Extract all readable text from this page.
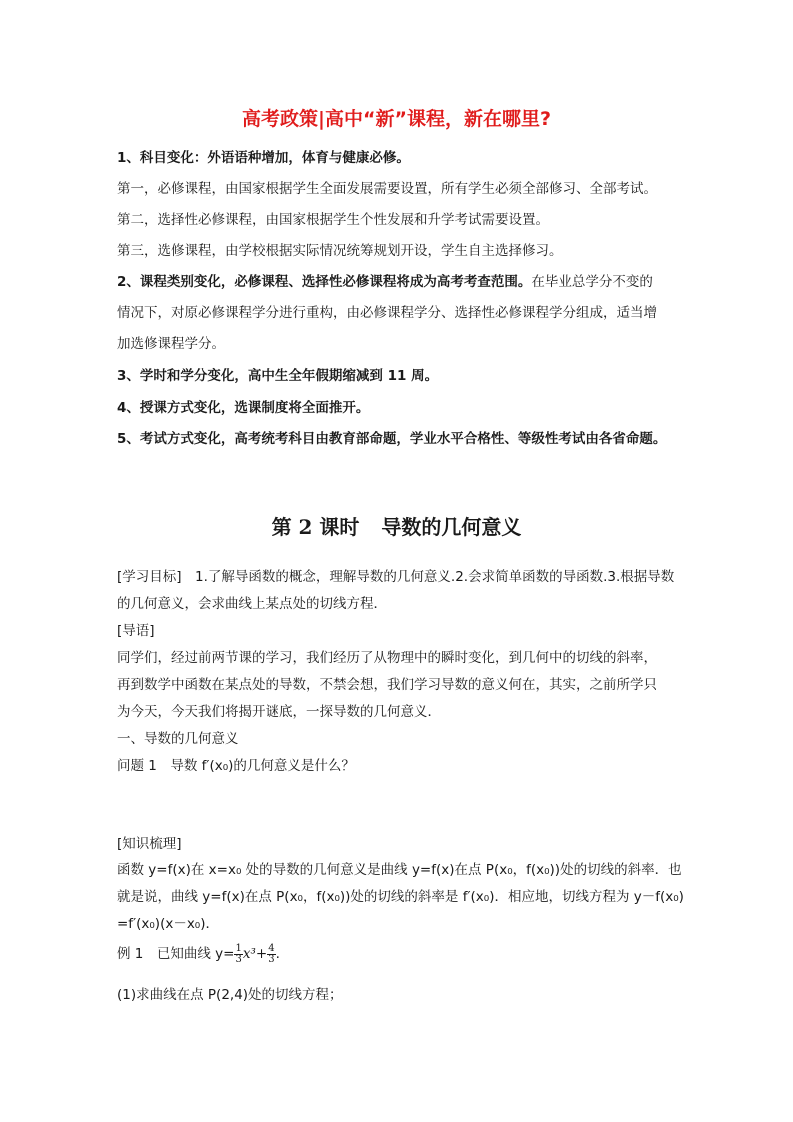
高考政策|高中“新”课程，新在哪里?
1、科目变化：外语语种增加，体育与健康必修。
第一，必修课程，由国家根据学生全面发展需要设置，所有学生必须全部修习、全部考试。
第二，选择性必修课程，由国家根据学生个性发展和升学考试需要设置。
第三，选修课程，由学校根据实际情况统筹规划开设，学生自主选择修习。
2、课程类别变化，必修课程、选择性必修课程将成为高考考查范围。在毕业总学分不变的
情况下，对原必修课程学分进行重构，由必修课程学分、选择性必修课程学分组成，适当增
加选修课程学分。
3、学时和学分变化，高中生全年假期缩减到 11 周。
4、授课方式变化，选课制度将全面推开。
5、考试方式变化，高考统考科目由教育部命题，学业水平合格性、等级性考试由各省命题。
第 2 课时 导数的几何意义
[学习目标]　1.了解导函数的概念，理解导数的几何意义.2.会求简单函数的导函数.3.根据导数
的几何意义，会求曲线上某点处的切线方程．
[导语]
同学们，经过前两节课的学习，我们经历了从物理中的瞬时变化，到几何中的切线的斜率，
再到数学中函数在某点处的导数，不禁会想，我们学习导数的意义何在，其实，之前所学只
为今天，今天我们将揭开谜底，一探导数的几何意义．
一、导数的几何意义
问题 1　导数 f′(x₀)的几何意义是什么？
[知识梳理]
函数 y=f(x)在 x=x₀ 处的导数的几何意义是曲线 y=f(x)在点 P(x₀，f(x₀))处的切线的斜率．也
就是说，曲线 y=f(x)在点 P(x₀，f(x₀))处的切线的斜率是 f′(x₀)．相应地，切线方程为 y－f(x₀)
=f′(x₀)(x－x₀)．
例 1　已知曲线 $y= \frac{1}{3} x^3+ \frac{4}{3}$ .
(1)求曲线在点 P(2,4)处的切线方程；
